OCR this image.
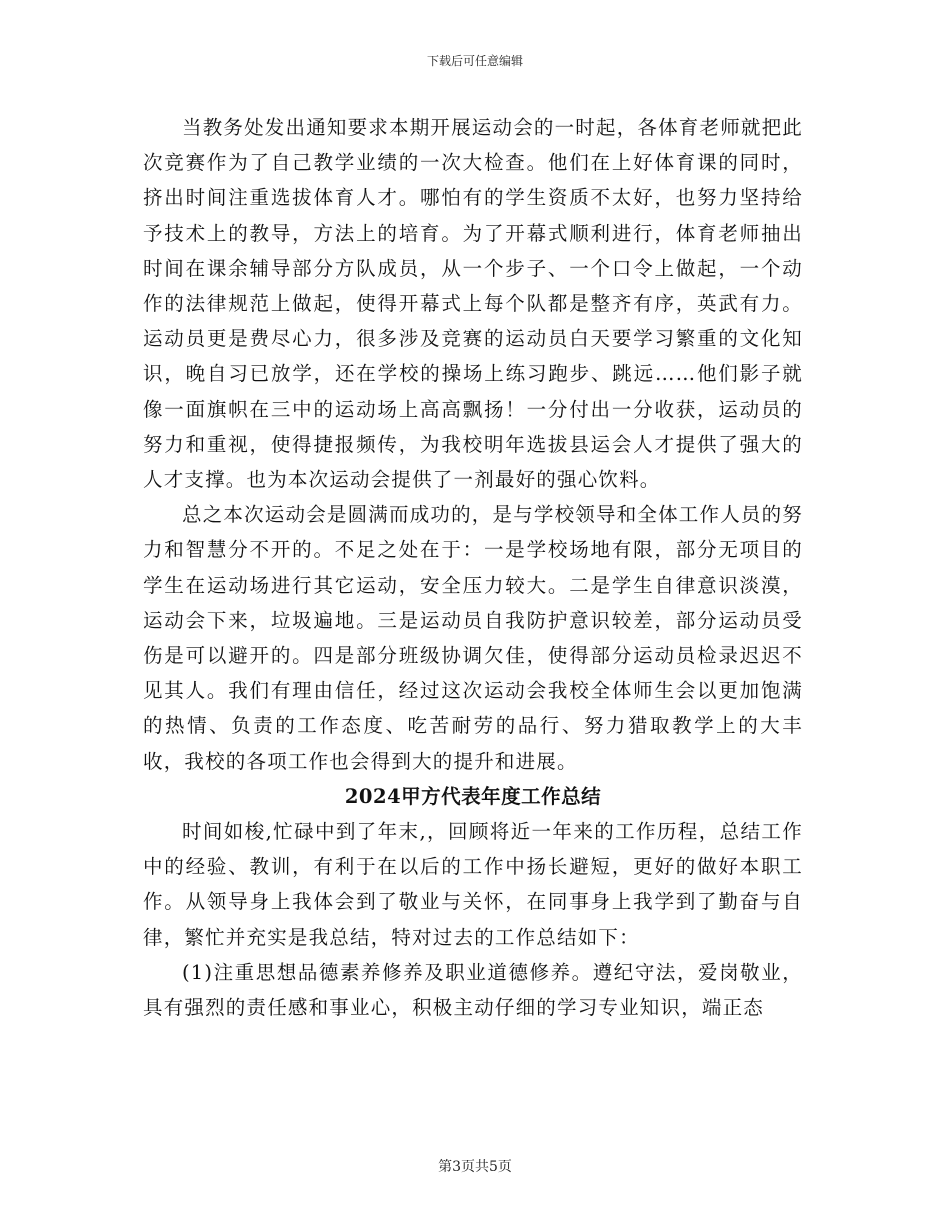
下载后可任意编辑

当教务处发出通知要求本期开展运动会的一时起，各体育老师就把此次竞赛作为了自己教学业绩的一次大检查。他们在上好体育课的同时，挤出时间注重选拔体育人才。哪怕有的学生资质不太好，也努力坚持给予技术上的教导，方法上的培育。为了开幕式顺利进行，体育老师抽出时间在课余辅导部分方队成员，从一个步子、一个口令上做起，一个动作的法律规范上做起，使得开幕式上每个队都是整齐有序，英武有力。运动员更是费尽心力，很多涉及竞赛的运动员白天要学习繁重的文化知识，晚自习已放学，还在学校的操场上练习跑步、跳远……他们影子就像一面旗帜在三中的运动场上高高飘扬！一分付出一分收获，运动员的努力和重视，使得捷报频传，为我校明年选拔县运会人才提供了强大的人才支撑。也为本次运动会提供了一剂最好的强心饮料。

总之本次运动会是圆满而成功的，是与学校领导和全体工作人员的努力和智慧分不开的。不足之处在于：一是学校场地有限，部分无项目的学生在运动场进行其它运动，安全压力较大。二是学生自律意识淡漠，运动会下来，垃圾遍地。三是运动员自我防护意识较差，部分运动员受伤是可以避开的。四是部分班级协调欠佳，使得部分运动员检录迟迟不见其人。我们有理由信任，经过这次运动会我校全体师生会以更加饱满的热情、负责的工作态度、吃苦耐劳的品行、努力猎取教学上的大丰收，我校的各项工作也会得到大的提升和进展。

2024甲方代表年度工作总结

时间如梭,忙碌中到了年末,，回顾将近一年来的工作历程，总结工作中的经验、教训，有利于在以后的工作中扬长避短，更好的做好本职工作。从领导身上我体会到了敬业与关怀，在同事身上我学到了勤奋与自律，繁忙并充实是我总结，特对过去的工作总结如下：

(1)注重思想品德素养修养及职业道德修养。遵纪守法，爱岗敬业，具有强烈的责任感和事业心，积极主动仔细的学习专业知识，端正态

第3页共5页
